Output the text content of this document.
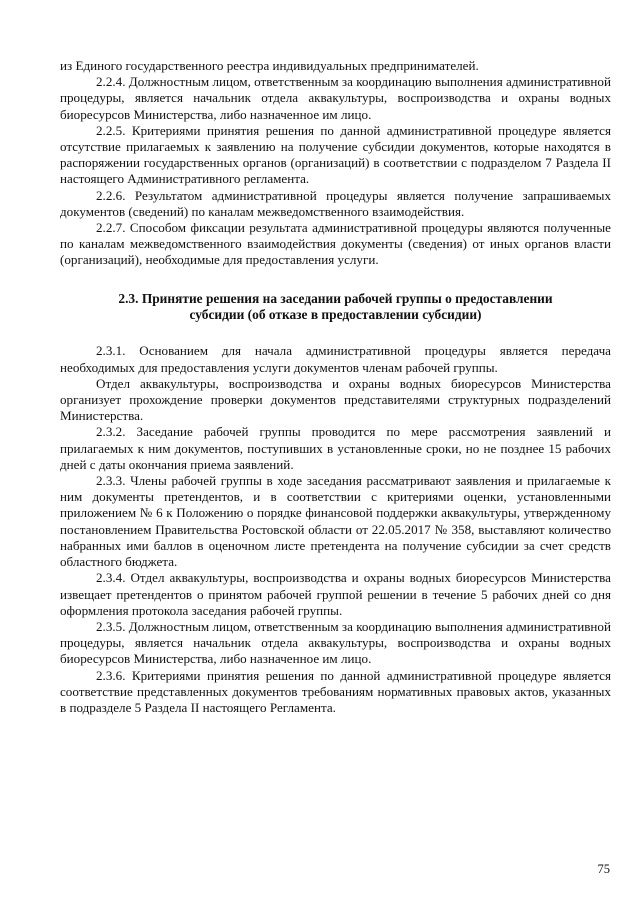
из Единого государственного реестра индивидуальных предпринимателей.

2.2.4. Должностным лицом, ответственным за координацию выполнения административной процедуры, является начальник отдела аквакультуры, воспроизводства и охраны водных биоресурсов Министерства, либо назначенное им лицо.

2.2.5. Критериями принятия решения по данной административной процедуре является отсутствие прилагаемых к заявлению на получение субсидии документов, которые находятся в распоряжении государственных органов (организаций) в соответствии с подразделом 7 Раздела II настоящего Административного регламента.

2.2.6. Результатом административной процедуры является получение запрашиваемых документов (сведений) по каналам межведомственного взаимодействия.

2.2.7. Способом фиксации результата административной процедуры являются полученные по каналам межведомственного взаимодействия документы (сведения) от иных органов власти (организаций), необходимые для предоставления услуги.

2.3. Принятие решения на заседании рабочей группы о предоставлении

субсидии (об отказе в предоставлении субсидии)

2.3.1. Основанием для начала административной процедуры является передача необходимых для предоставления услуги документов членам рабочей группы.

Отдел аквакультуры, воспроизводства и охраны водных биоресурсов Министерства организует прохождение проверки документов представителями структурных подразделений Министерства.

2.3.2. Заседание рабочей группы проводится по мере рассмотрения заявлений и прилагаемых к ним документов, поступивших в установленные сроки, но не позднее 15 рабочих дней с даты окончания приема заявлений.

2.3.3. Члены рабочей группы в ходе заседания рассматривают заявления и прилагаемые к ним документы претендентов, и в соответствии с критериями оценки, установленными приложением № 6 к Положению о порядке финансовой поддержки аквакультуры, утвержденному постановлением Правительства Ростовской области от 22.05.2017 № 358, выставляют количество набранных ими баллов в оценочном листе претендента на получение субсидии за счет средств областного бюджета.

2.3.4. Отдел аквакультуры, воспроизводства и охраны водных биоресурсов Министерства извещает претендентов о принятом рабочей группой решении в течение 5 рабочих дней со дня оформления протокола заседания рабочей группы.

2.3.5. Должностным лицом, ответственным за координацию выполнения административной процедуры, является начальник отдела аквакультуры, воспроизводства и охраны водных биоресурсов Министерства, либо назначенное им лицо.

2.3.6. Критериями принятия решения по данной административной процедуре является соответствие представленных документов требованиям нормативных правовых актов, указанных в подразделе 5 Раздела II настоящего Регламента.

75
